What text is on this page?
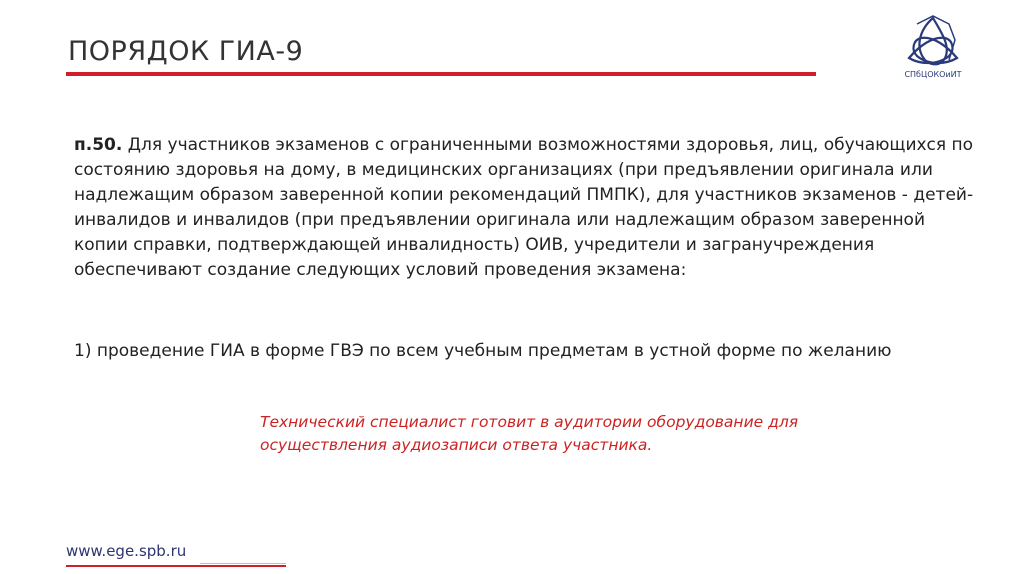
ПОРЯДОК ГИА-9
СПбЦОКОиИТ
п.50. Для участников экзаменов с ограниченными возможностями здоровья, лиц, обучающихся по состоянию здоровья на дому, в медицинских организациях (при предъявлении оригинала или надлежащим образом заверенной копии рекомендаций ПМПК), для участников экзаменов - детей-инвалидов и инвалидов (при предъявлении оригинала или надлежащим образом заверенной копии справки, подтверждающей инвалидность) ОИВ, учредители и загранучреждения обеспечивают создание следующих условий проведения экзамена:
1) проведение ГИА в форме ГВЭ по всем учебным предметам в устной форме по желанию
Технический специалист готовит в аудитории оборудование для осуществления аудиозаписи ответа участника.
www.ege.spb.ru
